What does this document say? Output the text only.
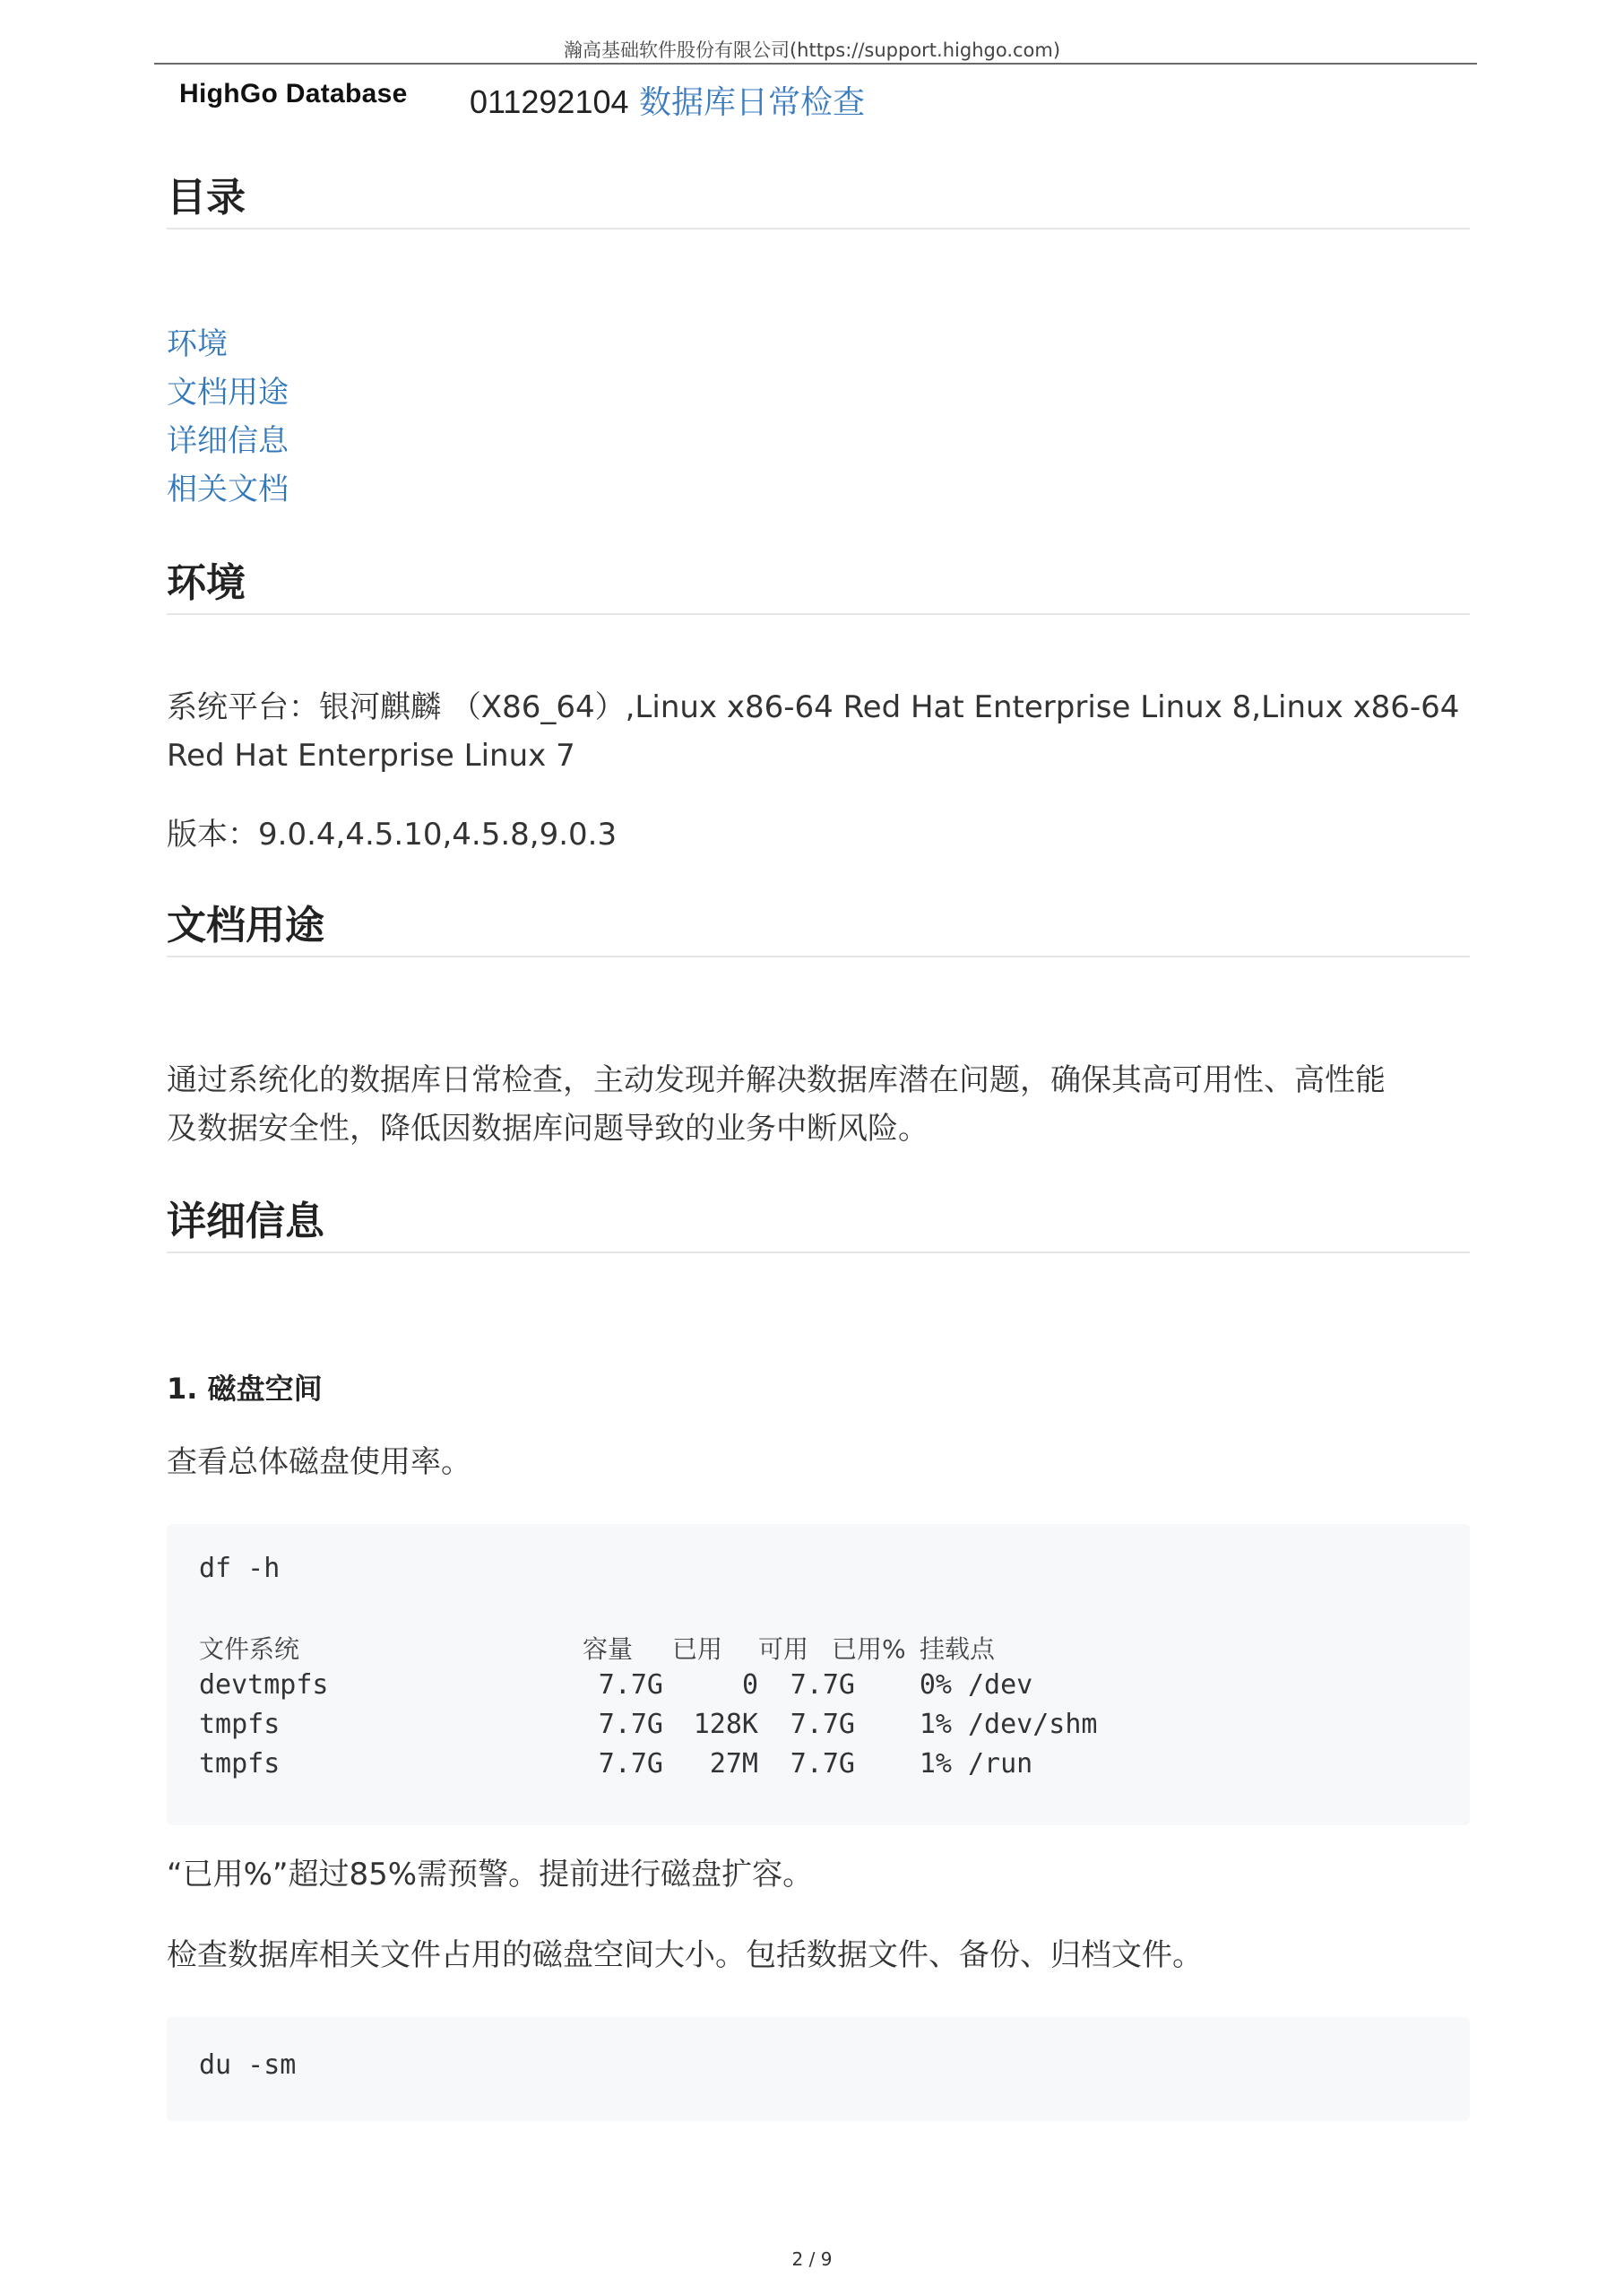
瀚高基础软件股份有限公司(https://support.highgo.com)
HighGo Database 011292104 数据库日常检查
目录
环境
文档用途
详细信息
相关文档
环境
系统平台：银河麒麟 （X86_64）,Linux x86-64 Red Hat Enterprise Linux 8,Linux x86-64
Red Hat Enterprise Linux 7
版本：9.0.4,4.5.10,4.5.8,9.0.3
文档用途
通过系统化的数据库日常检查，主动发现并解决数据库潜在问题，确保其高可用性、高性能
及数据安全性，降低因数据库问题导致的业务中断风险。
详细信息
1. 磁盘空间
查看总体磁盘使用率。
df -h
文件系统	容量 已用 可用 已用% 挂载点
devtmpfs	7.7G	0	7.7G	0% /dev
tmpfs	7.7G	128K	7.7G	1% /dev/shm
tmpfs	7.7G	27M	7.7G	1% /run
“已用%”超过85%需预警。提前进行磁盘扩容。
检查数据库相关文件占用的磁盘空间大小。包括数据文件、备份、归档文件。
du -sm
2 / 9
